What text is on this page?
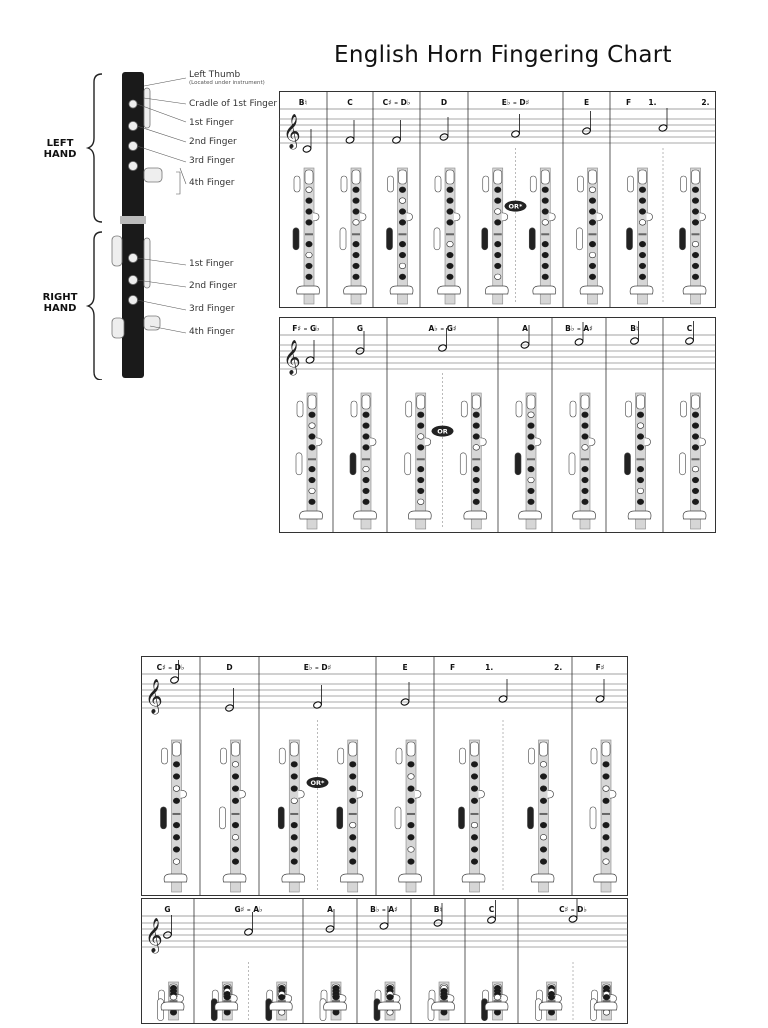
English Horn Fingering Chart
LEFT HAND
RIGHT HAND
Left Thumb
(Located under instrument)
Cradle of 1st Finger
1st Finger
2nd Finger
3rd Finger
4th Finger
1st Finger
2nd Finger
3rd Finger
4th Finger
𝄞
B♮	C	C♯ – D♭	D	E♭ – D♯
OR*
E	F 1.	2.
𝄞
F♯ – G♭	G	A♭ – G♯
OR
A	B♭ – A♯	B♮	C
𝄞
C♯ – D♭	D	E♭ – D♯
OR*
E	F	1.	2.	F♯
𝄞
G	G♯ – A♭	A	B♭ – A♯	B♮	C	C♯ – D♭
